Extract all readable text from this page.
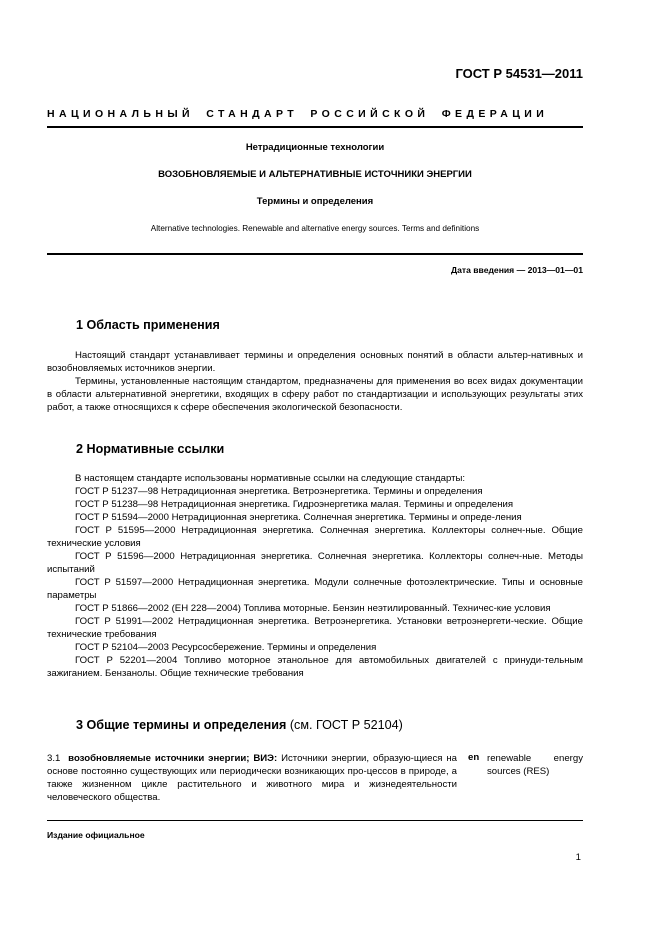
ГОСТ Р 54531—2011
НАЦИОНАЛЬНЫЙ СТАНДАРТ РОССИЙСКОЙ ФЕДЕРАЦИИ
Нетрадиционные технологии
ВОЗОБНОВЛЯЕМЫЕ И АЛЬТЕРНАТИВНЫЕ ИСТОЧНИКИ ЭНЕРГИИ
Термины и определения
Alternative technologies. Renewable and alternative energy sources. Terms and definitions
Дата введения — 2013—01—01
1 Область применения

Настоящий стандарт устанавливает термины и определения основных понятий в области альтер-нативных и возобновляемых источников энергии.

Термины, установленные настоящим стандартом, предназначены для применения во всех видах документации в области альтернативной энергетики, входящих в сферу работ по стандартизации и использующих результаты этих работ, а также относящихся к сфере обеспечения экологической безопасности.

2 Нормативные ссылки

В настоящем стандарте использованы нормативные ссылки на следующие стандарты:

ГОСТ Р 51237—98 Нетрадиционная энергетика. Ветроэнергетика. Термины и определения
ГОСТ Р 51238—98 Нетрадиционная энергетика. Гидроэнергетика малая. Термины и определения
ГОСТ Р 51594—2000 Нетрадиционная энергетика. Солнечная энергетика. Термины и опреде-ления
ГОСТ Р 51595—2000 Нетрадиционная энергетика. Солнечная энергетика. Коллекторы солнеч-ные. Общие технические условия
ГОСТ Р 51596—2000 Нетрадиционная энергетика. Солнечная энергетика. Коллекторы солнеч-ные. Методы испытаний
ГОСТ Р 51597—2000 Нетрадиционная энергетика. Модули солнечные фотоэлектрические. Типы и основные параметры
ГОСТ Р 51866—2002 (ЕН 228—2004) Топлива моторные. Бензин неэтилированный. Техничес-кие условия
ГОСТ Р 51991—2002 Нетрадиционная энергетика. Ветроэнергетика. Установки ветроэнергети-ческие. Общие технические требования
ГОСТ Р 52104—2003 Ресурсосбережение. Термины и определения
ГОСТ Р 52201—2004 Топливо моторное этанольное для автомобильных двигателей с принуди-тельным зажиганием. Бензанолы. Общие технические требования
3 Общие термины и определения (см. ГОСТ Р 52104)

3.1 возобновляемые источники энергии; ВИЭ: Источники энергии, образую-щиеся на основе постоянно существующих или периодически возникающих про-цессов в природе, а также жизненном цикле растительного и животного мира и жизнедеятельности человеческого общества.

en renewable energy sources (RES)
Издание официальное
1
